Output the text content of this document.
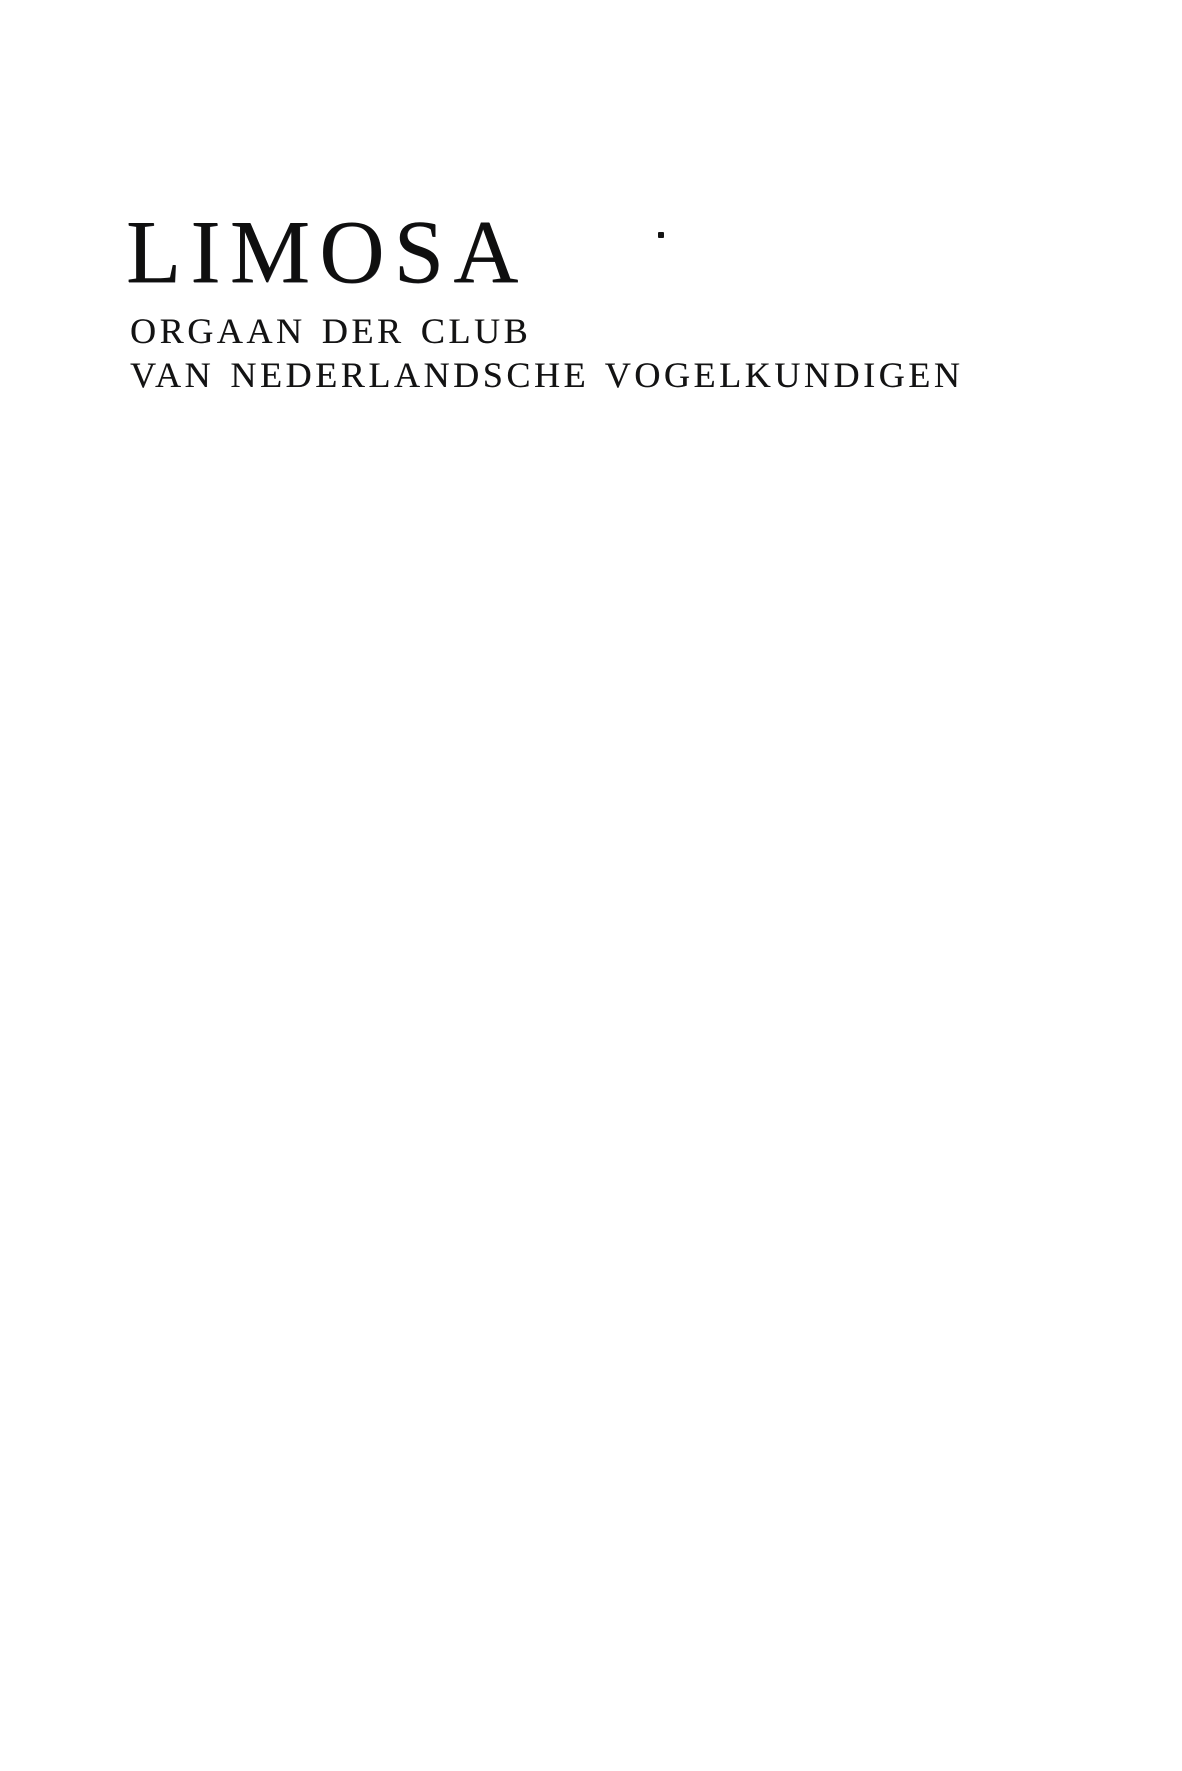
LIMOSA
ORGAAN DER CLUB
VAN NEDERLANDSCHE VOGELKUNDIGEN
